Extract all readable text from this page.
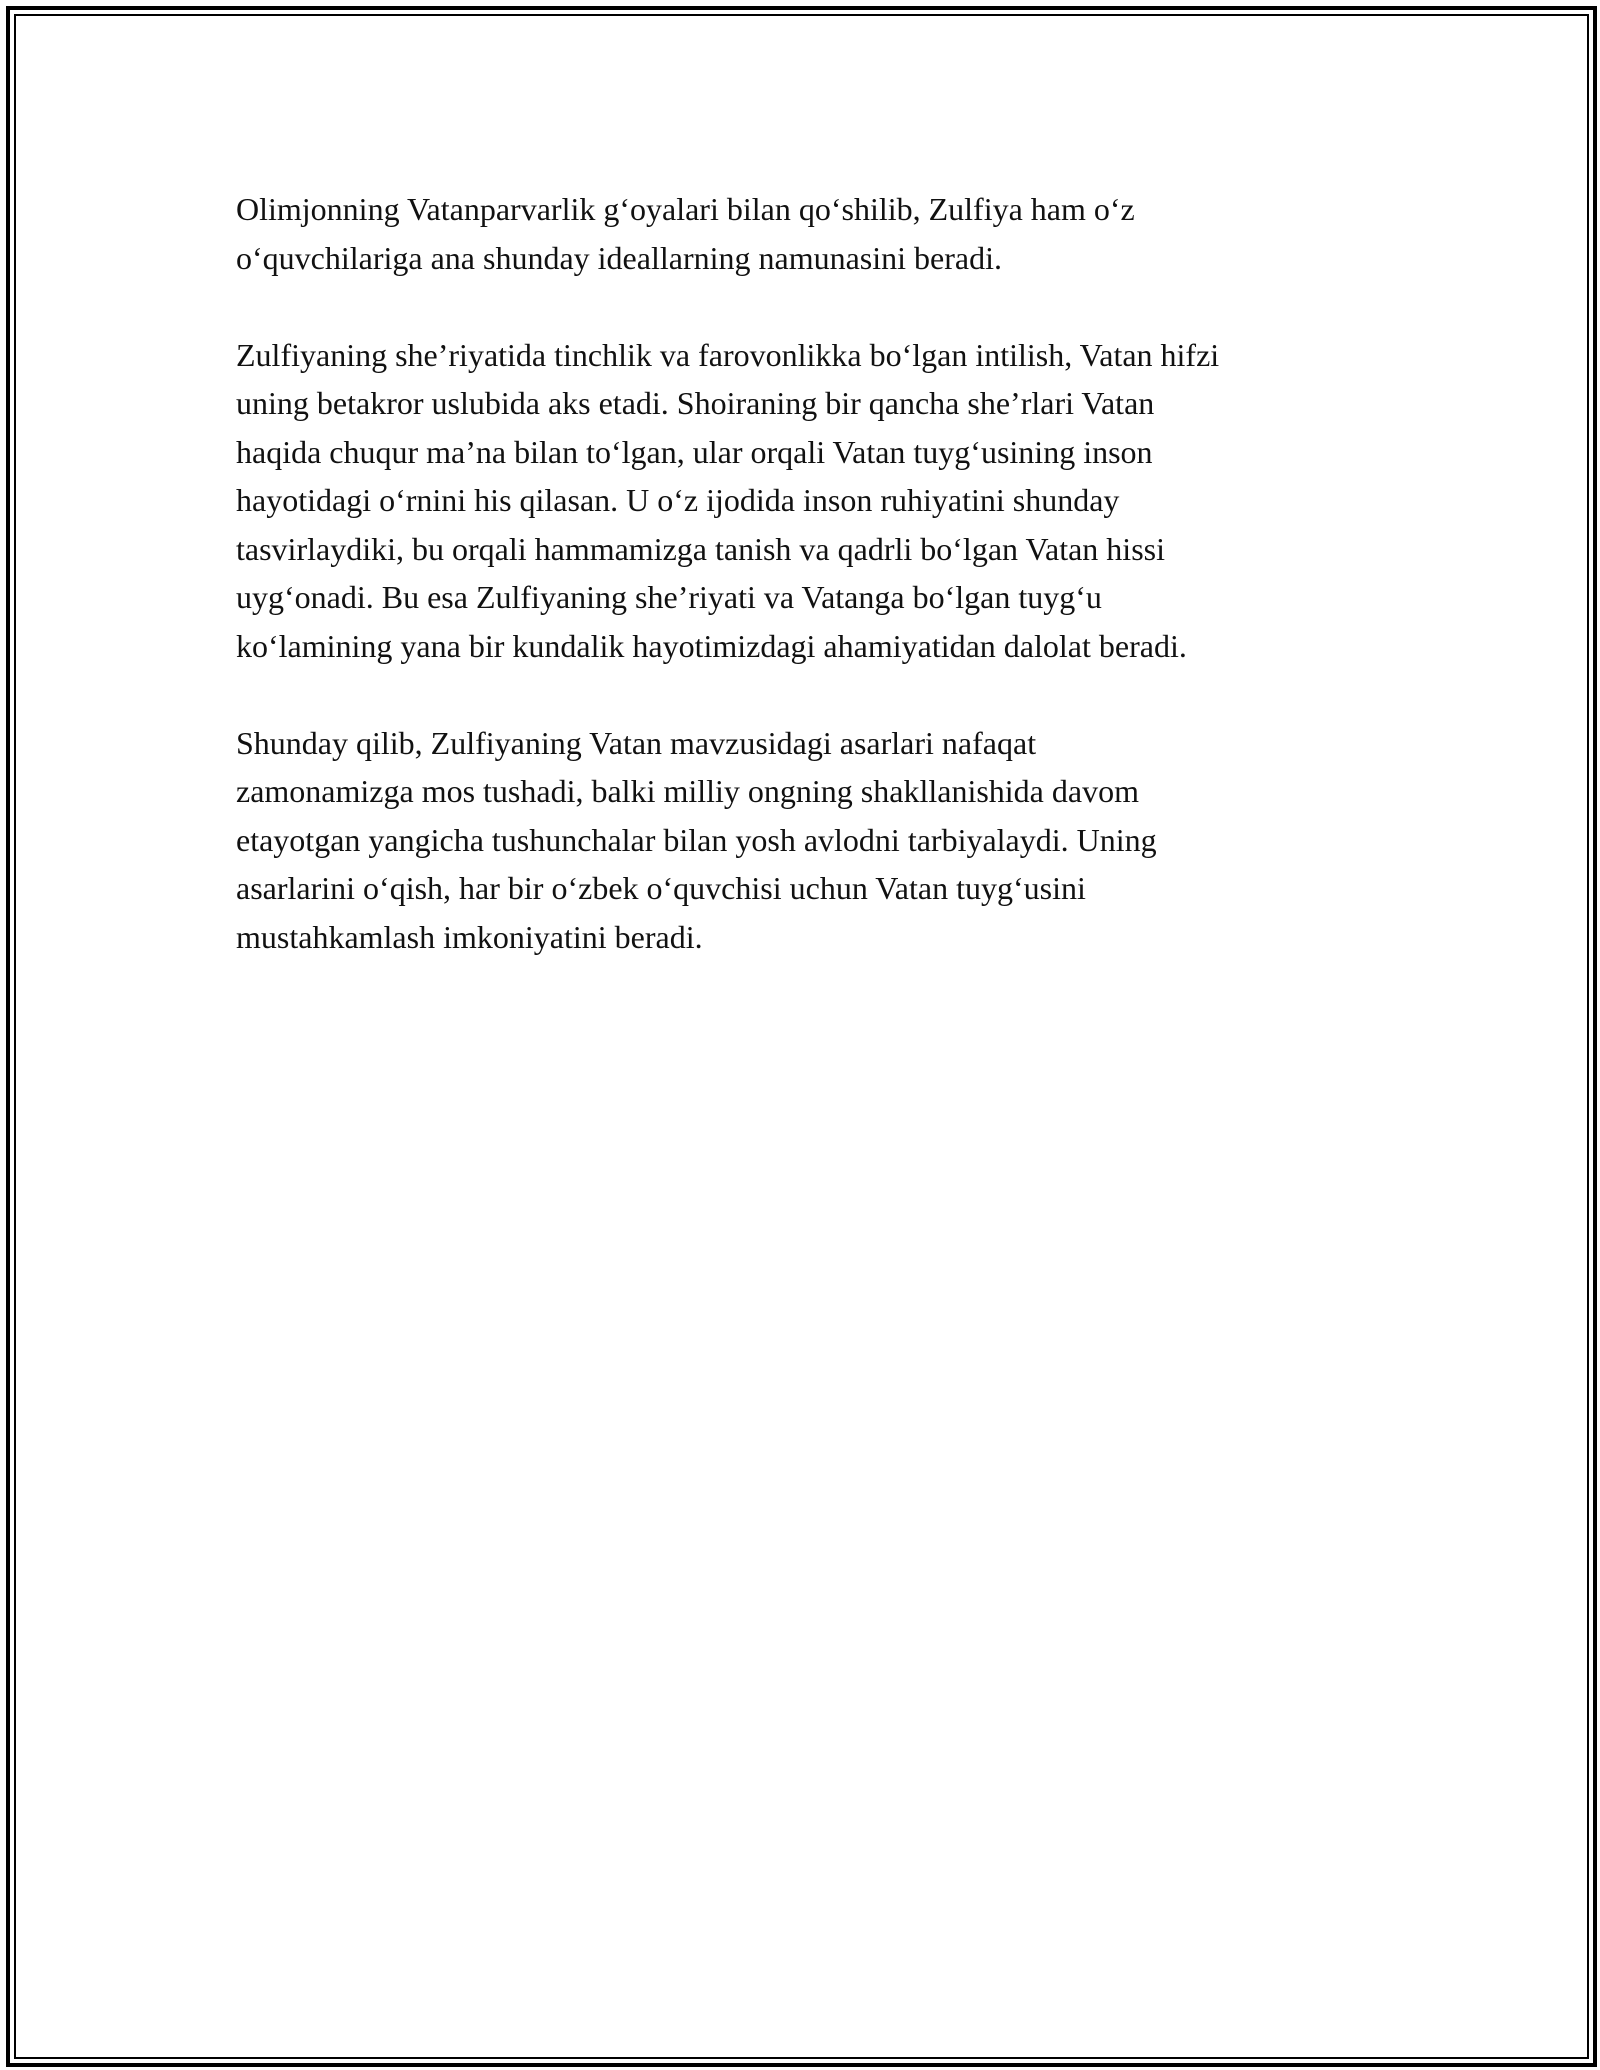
Olimjonning Vatanparvarlik g‘oyalari bilan qo‘shilib, Zulfiya ham o‘z
o‘quvchilariga ana shunday ideallarning namunasini beradi.

Zulfiyaning she’riyatida tinchlik va farovonlikka bo‘lgan intilish, Vatan hifzi
uning betakror uslubida aks etadi. Shoiraning bir qancha she’rlari Vatan
haqida chuqur ma’na bilan to‘lgan, ular orqali Vatan tuyg‘usining inson
hayotidagi o‘rnini his qilasan. U o‘z ijodida inson ruhiyatini shunday
tasvirlaydiki, bu orqali hammamizga tanish va qadrli bo‘lgan Vatan hissi
uyg‘onadi. Bu esa Zulfiyaning she’riyati va Vatanga bo‘lgan tuyg‘u
ko‘lamining yana bir kundalik hayotimizdagi ahamiyatidan dalolat beradi.

Shunday qilib, Zulfiyaning Vatan mavzusidagi asarlari nafaqat
zamonamizga mos tushadi, balki milliy ongning shakllanishida davom
etayotgan yangicha tushunchalar bilan yosh avlodni tarbiyalaydi. Uning
asarlarini o‘qish, har bir o‘zbek o‘quvchisi uchun Vatan tuyg‘usini
mustahkamlash imkoniyatini beradi.
